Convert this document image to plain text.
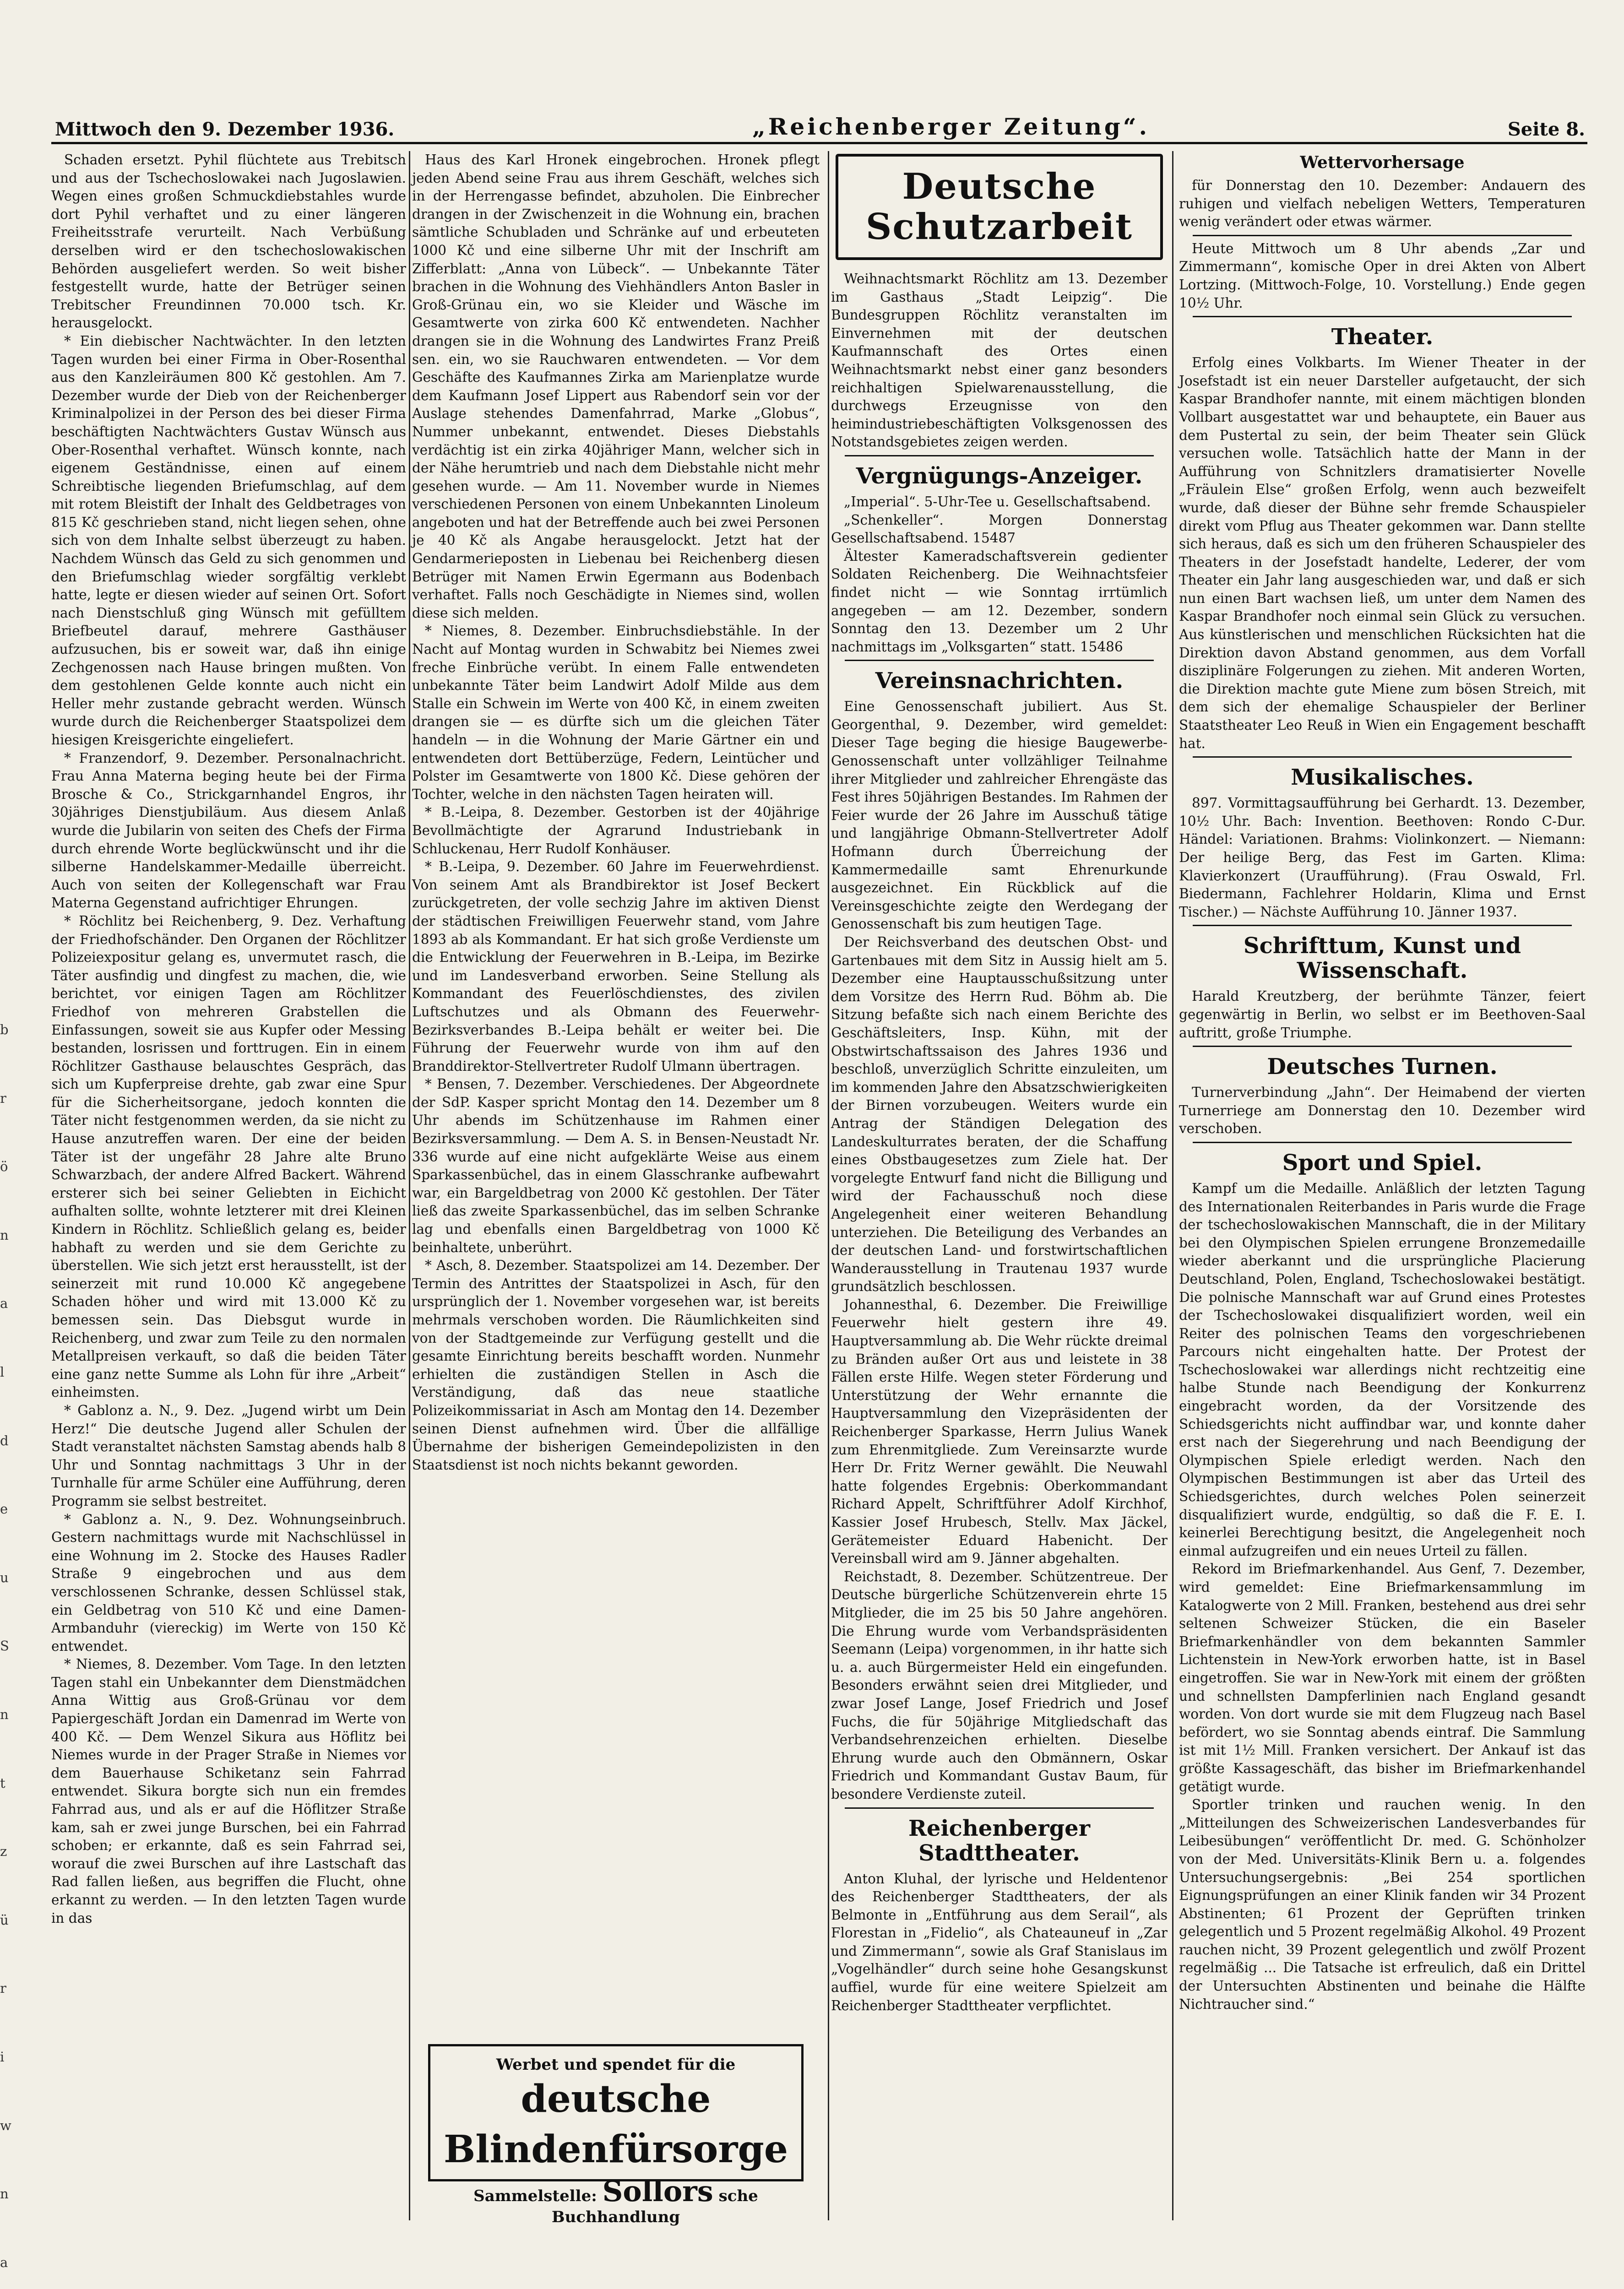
Mittwoch den 9. Dezember 1936.	„Reichenberger Zeitung“.	Seite 8.

Schaden ersetzt. Pyhil flüchtete aus Trebitsch und aus der Tschechoslowakei nach Jugoslawien. Wegen eines großen Schmuckdiebstahles wurde dort Pyhil verhaftet und zu einer längeren Freiheitsstrafe verurteilt. Nach Verbüßung derselben wird er den tschechoslowakischen Behörden ausgeliefert werden. So weit bisher festgestellt wurde, hatte der Betrüger seinen Trebitscher Freundinnen 70.000 tsch. Kr. herausgelockt.

* Ein diebischer Nachtwächter. In den letzten Tagen wurden bei einer Firma in Ober-Rosenthal aus den Kanzleiräumen 800 Kč gestohlen. Am 7. Dezember wurde der Dieb von der Reichenberger Kriminalpolizei in der Person des bei dieser Firma beschäftigten Nachtwächters Gustav Wünsch aus Ober-Rosenthal verhaftet. Wünsch konnte, nach eigenem Geständnisse, einen auf einem Schreibtische liegenden Briefumschlag, auf dem mit rotem Bleistift der Inhalt des Geldbetrages von 815 Kč geschrieben stand, nicht liegen sehen, ohne sich von dem Inhalte selbst überzeugt zu haben. Nachdem Wünsch das Geld zu sich genommen und den Briefumschlag wieder sorgfältig verklebt hatte, legte er diesen wieder auf seinen Ort. Sofort nach Dienstschluß ging Wünsch mit gefülltem Briefbeutel darauf, mehrere Gasthäuser aufzusuchen, bis er soweit war, daß ihn einige Zechgenossen nach Hause bringen mußten. Von dem gestohlenen Gelde konnte auch nicht ein Heller mehr zustande gebracht werden. Wünsch wurde durch die Reichenberger Staatspolizei dem hiesigen Kreisgerichte eingeliefert.

* Franzendorf, 9. Dezember. Personalnachricht. Frau Anna Materna beging heute bei der Firma Brosche & Co., Strickgarnhandel Engros, ihr 30jähriges Dienstjubiläum. Aus diesem Anlaß wurde die Jubilarin von seiten des Chefs der Firma durch ehrende Worte beglückwünscht und ihr die silberne Handelskammer-Medaille überreicht. Auch von seiten der Kollegenschaft war Frau Materna Gegenstand aufrichtiger Ehrungen.

* Röchlitz bei Reichenberg, 9. Dez. Verhaftung der Friedhofschänder. Den Organen der Röchlitzer Polizeiexpositur gelang es, unvermutet rasch, die Täter ausfindig und dingfest zu machen, die, wie berichtet, vor einigen Tagen am Röchlitzer Friedhof von mehreren Grabstellen die Einfassungen, soweit sie aus Kupfer oder Messing bestanden, losrissen und forttrugen. Ein in einem Röchlitzer Gasthause belauschtes Gespräch, das sich um Kupferpreise drehte, gab zwar eine Spur für die Sicherheitsorgane, jedoch konnten die Täter nicht festgenommen werden, da sie nicht zu Hause anzutreffen waren. Der eine der beiden Täter ist der ungefähr 28 Jahre alte Bruno Schwarzbach, der andere Alfred Backert. Während ersterer sich bei seiner Geliebten in Eichicht aufhalten sollte, wohnte letzterer mit drei Kleinen Kindern in Röchlitz. Schließlich gelang es, beider habhaft zu werden und sie dem Gerichte zu überstellen. Wie sich jetzt erst herausstellt, ist der seinerzeit mit rund 10.000 Kč angegebene Schaden höher und wird mit 13.000 Kč zu bemessen sein. Das Diebsgut wurde in Reichenberg, und zwar zum Teile zu den normalen Metallpreisen verkauft, so daß die beiden Täter eine ganz nette Summe als Lohn für ihre „Arbeit“ einheimsten.

* Gablonz a. N., 9. Dez. „Jugend wirbt um Dein Herz!“ Die deutsche Jugend aller Schulen der Stadt veranstaltet nächsten Samstag abends halb 8 Uhr und Sonntag nachmittags 3 Uhr in der Turnhalle für arme Schüler eine Aufführung, deren Programm sie selbst bestreitet.

* Gablonz a. N., 9. Dez. Wohnungseinbruch. Gestern nachmittags wurde mit Nachschlüssel in eine Wohnung im 2. Stocke des Hauses Radler Straße 9 eingebrochen und aus dem verschlossenen Schranke, dessen Schlüssel stak, ein Geldbetrag von 510 Kč und eine Damen-Armbanduhr (viereckig) im Werte von 150 Kč entwendet.

* Niemes, 8. Dezember. Vom Tage. In den letzten Tagen stahl ein Unbekannter dem Dienstmädchen Anna Wittig aus Groß-Grünau vor dem Papiergeschäft Jordan ein Damenrad im Werte von 400 Kč. — Dem Wenzel Sikura aus Höflitz bei Niemes wurde in der Prager Straße in Niemes vor dem Bauerhause Schiketanz sein Fahrrad entwendet. Sikura borgte sich nun ein fremdes Fahrrad aus, und als er auf die Höflitzer Straße kam, sah er zwei junge Burschen, bei ein Fahrrad schoben; er erkannte, daß es sein Fahrrad sei, worauf die zwei Burschen auf ihre Lastschaft das Rad fallen ließen, aus begriffen die Flucht, ohne erkannt zu werden. — In den letzten Tagen wurde in das

Haus des Karl Hronek eingebrochen. Hronek pflegt jeden Abend seine Frau aus ihrem Geschäft, welches sich in der Herrengasse befindet, abzuholen. Die Einbrecher drangen in der Zwischenzeit in die Wohnung ein, brachen sämtliche Schubladen und Schränke auf und erbeuteten 1000 Kč und eine silberne Uhr mit der Inschrift am Zifferblatt: „Anna von Lübeck“. — Unbekannte Täter brachen in die Wohnung des Viehhändlers Anton Basler in Groß-Grünau ein, wo sie Kleider und Wäsche im Gesamtwerte von zirka 600 Kč entwendeten. Nachher drangen sie in die Wohnung des Landwirtes Franz Preiß sen. ein, wo sie Rauchwaren entwendeten. — Vor dem Geschäfte des Kaufmannes Zirka am Marienplatze wurde dem Kaufmann Josef Lippert aus Rabendorf sein vor der Auslage stehendes Damenfahrrad, Marke „Globus“, Nummer unbekannt, entwendet. Dieses Diebstahls verdächtig ist ein zirka 40jähriger Mann, welcher sich in der Nähe herumtrieb und nach dem Diebstahle nicht mehr gesehen wurde. — Am 11. November wurde in Niemes verschiedenen Personen von einem Unbekannten Linoleum angeboten und hat der Betreffende auch bei zwei Personen je 40 Kč als Angabe herausgelockt. Jetzt hat der Gendarmerieposten in Liebenau bei Reichenberg diesen Betrüger mit Namen Erwin Egermann aus Bodenbach verhaftet. Falls noch Geschädigte in Niemes sind, wollen diese sich melden.

* Niemes, 8. Dezember. Einbruchsdiebstähle. In der Nacht auf Montag wurden in Schwabitz bei Niemes zwei freche Einbrüche verübt. In einem Falle entwendeten unbekannte Täter beim Landwirt Adolf Milde aus dem Stalle ein Schwein im Werte von 400 Kč, in einem zweiten drangen sie — es dürfte sich um die gleichen Täter handeln — in die Wohnung der Marie Gärtner ein und entwendeten dort Bettüberzüge, Federn, Leintücher und Polster im Gesamtwerte von 1800 Kč. Diese gehören der Tochter, welche in den nächsten Tagen heiraten will.

* B.-Leipa, 8. Dezember. Gestorben ist der 40jährige Bevollmächtigte der Agrarund Industriebank in Schluckenau, Herr Rudolf Konhäuser.

* B.-Leipa, 9. Dezember. 60 Jahre im Feuerwehrdienst. Von seinem Amt als Brandbirektor ist Josef Beckert zurückgetreten, der volle sechzig Jahre im aktiven Dienst der städtischen Freiwilligen Feuerwehr stand, vom Jahre 1893 ab als Kommandant. Er hat sich große Verdienste um die Entwicklung der Feuerwehren in B.-Leipa, im Bezirke und im Landesverband erworben. Seine Stellung als Kommandant des Feuerlöschdienstes, des zivilen Luftschutzes und als Obmann des Feuerwehr-Bezirksverbandes B.-Leipa behält er weiter bei. Die Führung der Feuerwehr wurde von ihm auf den Branddirektor-Stellvertreter Rudolf Ulmann übertragen.

* Bensen, 7. Dezember. Verschiedenes. Der Abgeordnete der SdP. Kasper spricht Montag den 14. Dezember um 8 Uhr abends im Schützenhause im Rahmen einer Bezirksversammlung. — Dem A. S. in Bensen-Neustadt Nr. 336 wurde auf eine nicht aufgeklärte Weise aus einem Sparkassenbüchel, das in einem Glasschranke aufbewahrt war, ein Bargeldbetrag von 2000 Kč gestohlen. Der Täter ließ das zweite Sparkassenbüchel, das im selben Schranke lag und ebenfalls einen Bargeldbetrag von 1000 Kč beinhaltete, unberührt.

* Asch, 8. Dezember. Staatspolizei am 14. Dezember. Der Termin des Antrittes der Staatspolizei in Asch, für den ursprünglich der 1. November vorgesehen war, ist bereits mehrmals verschoben worden. Die Räumlichkeiten sind von der Stadtgemeinde zur Verfügung gestellt und die gesamte Einrichtung bereits beschafft worden. Nunmehr erhielten die zuständigen Stellen in Asch die Verständigung, daß das neue staatliche Polizeikommissariat in Asch am Montag den 14. Dezember seinen Dienst aufnehmen wird. Über die allfällige Übernahme der bisherigen Gemeindepolizisten in den Staatsdienst ist noch nichts bekannt geworden.

Werbet und spendet für die
deutsche Blindenfürsorge
Sammelstelle: Sollors sche Buchhandlung
Deutsche Schutzarbeit

Weihnachtsmarkt Röchlitz am 13. Dezember im Gasthaus „Stadt Leipzig“. Die Bundesgruppen Röchlitz veranstalten im Einvernehmen mit der deutschen Kaufmannschaft des Ortes einen Weihnachtsmarkt nebst einer ganz besonders reichhaltigen Spielwarenausstellung, die durchwegs Erzeugnisse von den heimindustriebeschäftigten Volksgenossen des Notstandsgebietes zeigen werden.

Vergnügungs-Anzeiger.

„Imperial“. 5-Uhr-Tee u. Gesellschaftsabend.

„Schenkeller“. Morgen Donnerstag Gesellschaftsabend. 15487

Ältester Kameradschaftsverein gedienter Soldaten Reichenberg. Die Weihnachtsfeier findet nicht — wie Sonntag irrtümlich angegeben — am 12. Dezember, sondern Sonntag den 13. Dezember um 2 Uhr nachmittags im „Volksgarten“ statt. 15486

Vereinsnachrichten.

Eine Genossenschaft jubiliert. Aus St. Georgenthal, 9. Dezember, wird gemeldet: Dieser Tage beging die hiesige Baugewerbe-Genossenschaft unter vollzähliger Teilnahme ihrer Mitglieder und zahlreicher Ehrengäste das Fest ihres 50jährigen Bestandes. Im Rahmen der Feier wurde der 26 Jahre im Ausschuß tätige und langjährige Obmann-Stellvertreter Adolf Hofmann durch Überreichung der Kammermedaille samt Ehrenurkunde ausgezeichnet. Ein Rückblick auf die Vereinsgeschichte zeigte den Werdegang der Genossenschaft bis zum heutigen Tage.

Der Reichsverband des deutschen Obst- und Gartenbaues mit dem Sitz in Aussig hielt am 5. Dezember eine Hauptausschußsitzung unter dem Vorsitze des Herrn Rud. Böhm ab. Die Sitzung befaßte sich nach einem Berichte des Geschäftsleiters, Insp. Kühn, mit der Obstwirtschaftssaison des Jahres 1936 und beschloß, unverzüglich Schritte einzuleiten, um im kommenden Jahre den Absatzschwierigkeiten der Birnen vorzubeugen. Weiters wurde ein Antrag der Ständigen Delegation des Landeskulturrates beraten, der die Schaffung eines Obstbaugesetzes zum Ziele hat. Der vorgelegte Entwurf fand nicht die Billigung und wird der Fachausschuß noch diese Angelegenheit einer weiteren Behandlung unterziehen. Die Beteiligung des Verbandes an der deutschen Land- und forstwirtschaftlichen Wanderausstellung in Trautenau 1937 wurde grundsätzlich beschlossen.

Johannesthal, 6. Dezember. Die Freiwillige Feuerwehr hielt gestern ihre 49. Hauptversammlung ab. Die Wehr rückte dreimal zu Bränden außer Ort aus und leistete in 38 Fällen erste Hilfe. Wegen steter Förderung und Unterstützung der Wehr ernannte die Hauptversammlung den Vizepräsidenten der Reichenberger Sparkasse, Herrn Julius Wanek zum Ehrenmitgliede. Zum Vereinsarzte wurde Herr Dr. Fritz Werner gewählt. Die Neuwahl hatte folgendes Ergebnis: Oberkommandant Richard Appelt, Schriftführer Adolf Kirchhof, Kassier Josef Hrubesch, Stellv. Max Jäckel, Gerätemeister Eduard Habenicht. Der Vereinsball wird am 9. Jänner abgehalten.

Reichstadt, 8. Dezember. Schützentreue. Der Deutsche bürgerliche Schützenverein ehrte 15 Mitglieder, die im 25 bis 50 Jahre angehören. Die Ehrung wurde vom Verbandspräsidenten Seemann (Leipa) vorgenommen, in ihr hatte sich u. a. auch Bürgermeister Held ein eingefunden. Besonders erwähnt seien drei Mitglieder, und zwar Josef Lange, Josef Friedrich und Josef Fuchs, die für 50jährige Mitgliedschaft das Verbandsehrenzeichen erhielten. Dieselbe Ehrung wurde auch den Obmännern, Oskar Friedrich und Kommandant Gustav Baum, für besondere Verdienste zuteil.

Reichenberger Stadttheater.

Anton Kluhal, der lyrische und Heldentenor des Reichenberger Stadttheaters, der als Belmonte in „Entführung aus dem Serail“, als Florestan in „Fidelio“, als Chateauneuf in „Zar und Zimmermann“, sowie als Graf Stanislaus im „Vogelhändler“ durch seine hohe Gesangskunst auffiel, wurde für eine weitere Spielzeit am Reichenberger Stadttheater verpflichtet.

Wettervorhersage

für Donnerstag den 10. Dezember: Andauern des ruhigen und vielfach nebeligen Wetters, Temperaturen wenig verändert oder etwas wärmer.

Heute Mittwoch um 8 Uhr abends „Zar und Zimmermann“, komische Oper in drei Akten von Albert Lortzing. (Mittwoch-Folge, 10. Vorstellung.) Ende gegen 10½ Uhr.

Theater.

Erfolg eines Volkbarts. Im Wiener Theater in der Josefstadt ist ein neuer Darsteller aufgetaucht, der sich Kaspar Brandhofer nannte, mit einem mächtigen blonden Vollbart ausgestattet war und behauptete, ein Bauer aus dem Pustertal zu sein, der beim Theater sein Glück versuchen wolle. Tatsächlich hatte der Mann in der Aufführung von Schnitzlers dramatisierter Novelle „Fräulein Else“ großen Erfolg, wenn auch bezweifelt wurde, daß dieser der Bühne sehr fremde Schauspieler direkt vom Pflug aus Theater gekommen war. Dann stellte sich heraus, daß es sich um den früheren Schauspieler des Theaters in der Josefstadt handelte, Lederer, der vom Theater ein Jahr lang ausgeschieden war, und daß er sich nun einen Bart wachsen ließ, um unter dem Namen des Kaspar Brandhofer noch einmal sein Glück zu versuchen. Aus künstlerischen und menschlichen Rücksichten hat die Direktion davon Abstand genommen, aus dem Vorfall disziplinäre Folgerungen zu ziehen. Mit anderen Worten, die Direktion machte gute Miene zum bösen Streich, mit dem sich der ehemalige Schauspieler der Berliner Staatstheater Leo Reuß in Wien ein Engagement beschafft hat.

Musikalisches.

897. Vormittagsaufführung bei Gerhardt. 13. Dezember, 10½ Uhr. Bach: Invention. Beethoven: Rondo C-Dur. Händel: Variationen. Brahms: Violinkonzert. — Niemann: Der heilige Berg, das Fest im Garten. Klima: Klavierkonzert (Uraufführung). (Frau Oswald, Frl. Biedermann, Fachlehrer Holdarin, Klima und Ernst Tischer.) — Nächste Aufführung 10. Jänner 1937.

Schrifttum, Kunst und Wissenschaft.

Harald Kreutzberg, der berühmte Tänzer, feiert gegenwärtig in Berlin, wo selbst er im Beethoven-Saal auftritt, große Triumphe.

Deutsches Turnen.

Turnerverbindung „Jahn“. Der Heimabend der vierten Turnerriege am Donnerstag den 10. Dezember wird verschoben.

Sport und Spiel.

Kampf um die Medaille. Anläßlich der letzten Tagung des Internationalen Reiterbandes in Paris wurde die Frage der tschechoslowakischen Mannschaft, die in der Military bei den Olympischen Spielen errungene Bronzemedaille wieder aberkannt und die ursprüngliche Placierung Deutschland, Polen, England, Tschechoslowakei bestätigt. Die polnische Mannschaft war auf Grund eines Protestes der Tschechoslowakei disqualifiziert worden, weil ein Reiter des polnischen Teams den vorgeschriebenen Parcours nicht eingehalten hatte. Der Protest der Tschechoslowakei war allerdings nicht rechtzeitig eine halbe Stunde nach Beendigung der Konkurrenz eingebracht worden, da der Vorsitzende des Schiedsgerichts nicht auffindbar war, und konnte daher erst nach der Siegerehrung und nach Beendigung der Olympischen Spiele erledigt werden. Nach den Olympischen Bestimmungen ist aber das Urteil des Schiedsgerichtes, durch welches Polen seinerzeit disqualifiziert wurde, endgültig, so daß die F. E. I. keinerlei Berechtigung besitzt, die Angelegenheit noch einmal aufzugreifen und ein neues Urteil zu fällen.

Rekord im Briefmarkenhandel. Aus Genf, 7. Dezember, wird gemeldet: Eine Briefmarkensammlung im Katalogwerte von 2 Mill. Franken, bestehend aus drei sehr seltenen Schweizer Stücken, die ein Baseler Briefmarkenhändler von dem bekannten Sammler Lichtenstein in New-York erworben hatte, ist in Basel eingetroffen. Sie war in New-York mit einem der größten und schnellsten Dampferlinien nach England gesandt worden. Von dort wurde sie mit dem Flugzeug nach Basel befördert, wo sie Sonntag abends eintraf. Die Sammlung ist mit 1½ Mill. Franken versichert. Der Ankauf ist das größte Kassageschäft, das bisher im Briefmarkenhandel getätigt wurde.

Sportler trinken und rauchen wenig. In den „Mitteilungen des Schweizerischen Landesverbandes für Leibesübungen“ veröffentlicht Dr. med. G. Schönholzer von der Med. Universitäts-Klinik Bern u. a. folgendes Untersuchungsergebnis: „Bei 254 sportlichen Eignungsprüfungen an einer Klinik fanden wir 34 Prozent Abstinenten; 61 Prozent der Geprüften trinken gelegentlich und 5 Prozent regelmäßig Alkohol. 49 Prozent rauchen nicht, 39 Prozent gelegentlich und zwölf Prozent regelmäßig ... Die Tatsache ist erfreulich, daß ein Drittel der Untersuchten Abstinenten und beinahe die Hälfte Nichtraucher sind.“

b
r
ö
n
a
l
d
e
u
S
n
t
z
ü
r
i
w
n
a
